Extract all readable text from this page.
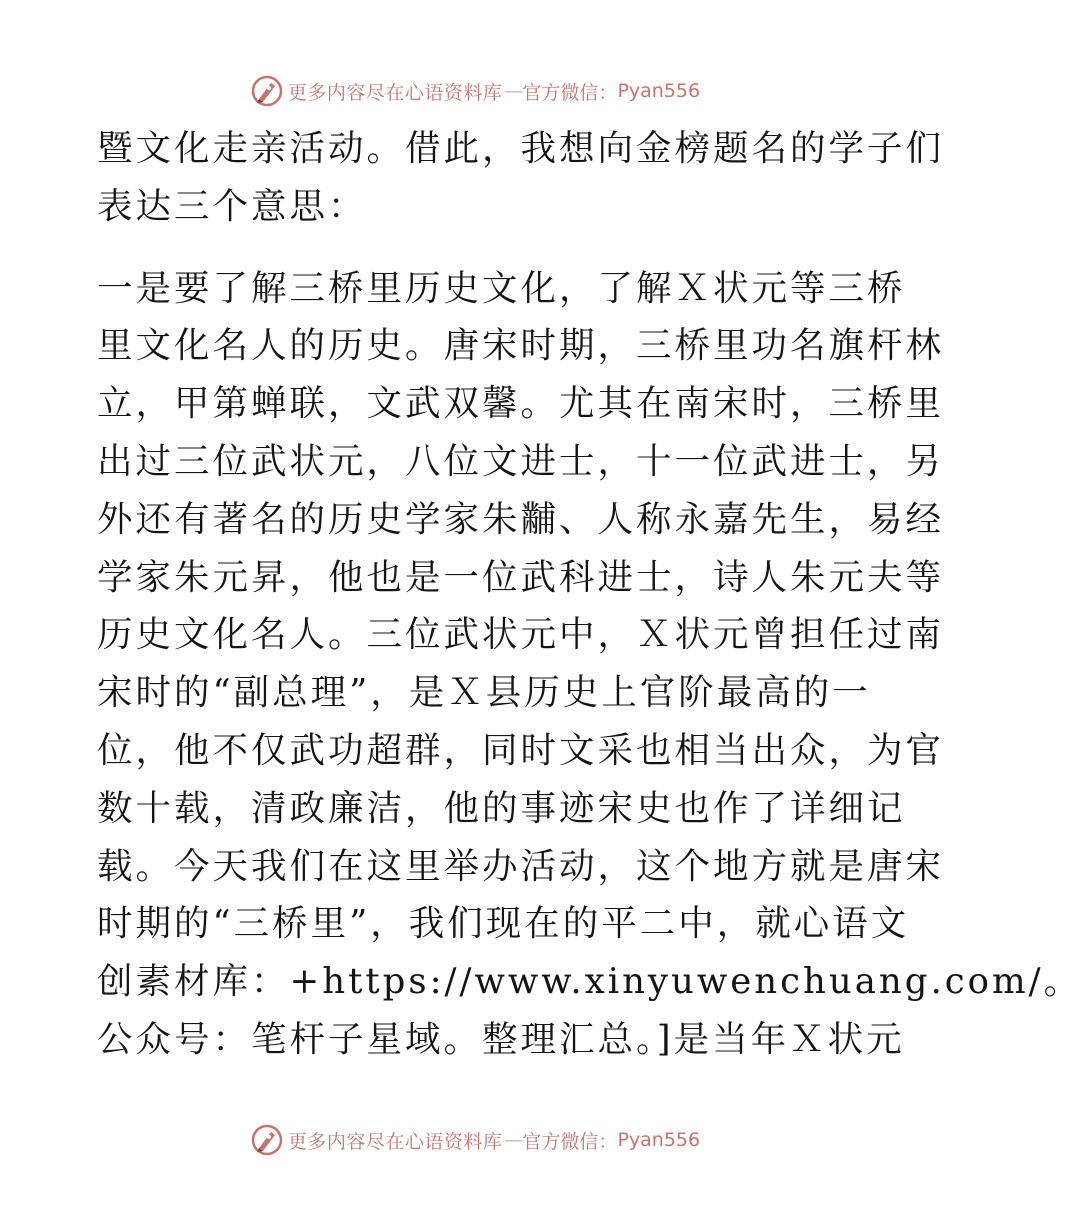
更多内容尽在心语资料库 — 官方微信： Pyan556
暨文化走亲活动。借此，我想向金榜题名的学子们
表达三个意思：
一是要了解三桥里历史文化，了解Ｘ状元等三桥
里文化名人的历史。唐宋时期，三桥里功名旗杆林
立，甲第蝉联，文武双馨。尤其在南宋时，三桥里
出过三位武状元，八位文进士，十一位武进士，另
外还有著名的历史学家朱黼、人称永嘉先生，易经
学家朱元昇，他也是一位武科进士，诗人朱元夫等
历史文化名人。三位武状元中，Ｘ状元曾担任过南
宋时的“副总理”，是Ｘ县历史上官阶最高的一
位，他不仅武功超群，同时文采也相当出众，为官
数十载，清政廉洁，他的事迹宋史也作了详细记
载。今天我们在这里举办活动，这个地方就是唐宋
时期的“三桥里”，我们现在的平二中，就心语文
创素材库：+https://www.xinyuwenchuang.com/。
公众号：笔杆子星域。整理汇总。]是当年Ｘ状元
更多内容尽在心语资料库 — 官方微信： Pyan556
